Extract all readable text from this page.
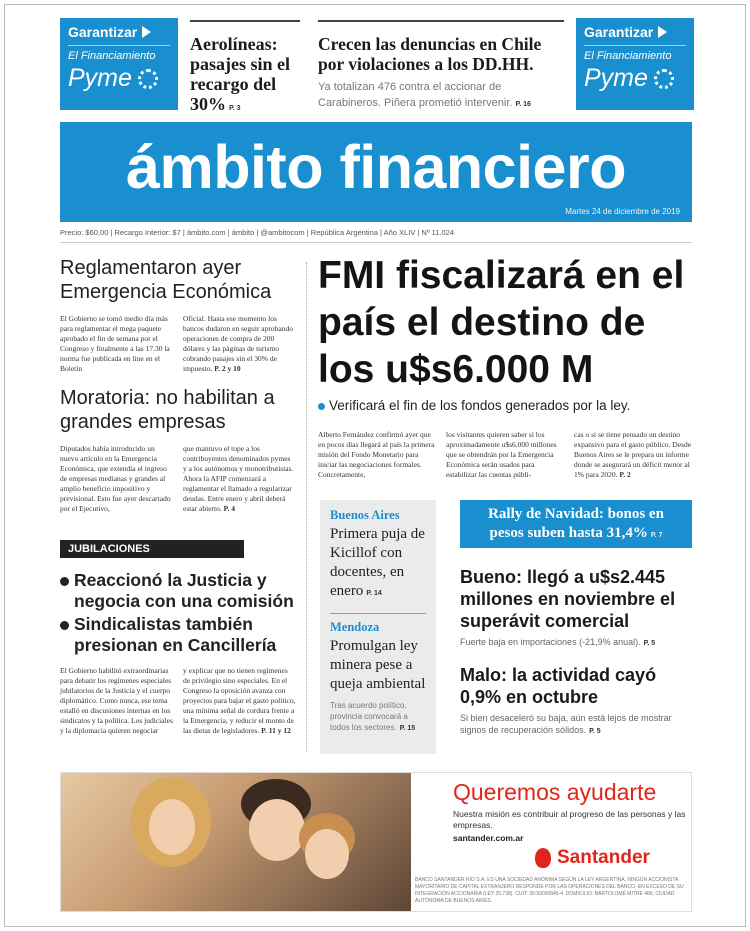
Garantizar
El Financiamiento
Pyme
Aerolíneas: pasajes sin el recargo del 30% P. 3
Crecen las denuncias en Chile por violaciones a los DD.HH.
Ya totalizan 476 contra el accionar de Carabineros. Piñera prometió intervenir. P. 16
Garantizar
El Financiamiento
Pyme
ámbito financiero
Martes 24 de diciembre de 2019
Precio: $60,00 | Recargo Interior: $7 | ámbito.com | ámbito | @ambitocom | República Argentina | Año XLIV | Nº 11.024
Reglamentaron ayer Emergencia Económica

El Gobierno se tomó medio día más para reglamentar el mega paquete aprobado el fin de semana por el Congreso y finalmente a las 17.30 la norma fue publicada en line en el Boletín

Oficial. Hasta ese momento los bancos dudaron en seguir aprobando operaciones de compra de 200 dólares y las páginas de turismo cobrando pasajes sin el 30% de impuesto. P. 2 y 10

Moratoria: no habilitan a grandes empresas

Diputados había introducido un nuevo artículo en la Emergencia Económica, que extendía el ingreso de empresas medianas y grandes al amplio beneficio impositivo y previsional. Esto fue ayer descartado por el Ejecutivo,

que mantuvo el tope a los contribuyentes denominados pymes y a los autónomos y monotributistas. Ahora la AFIP comenzará a reglamentar el llamado a regularizar deudas. Entre enero y abril deberá estar abierto. P. 4

JUBILACIONES
Reaccionó la Justicia y negocia con una comisión
Sindicalistas también presionan en Cancillería

El Gobierno habilitó extraordinarias para debatir los regímenes especiales jubilatorios de la Justicia y el cuerpo diplomático. Como nunca, ese tema estalló en discusiones internas en los sindicatos y la política. Los judiciales y la diplomacia quieren negociar

y explicar que no tienen regímenes de privilegio sino especiales. En el Congreso la oposición avanza con proyectos para bajar el gasto político, una mínima señal de cordura frente a la Emergencia, y reducir el monto de las dietas de legisladores. P. 11 y 12

FMI fiscalizará en el país el destino de los u$s6.000 M
Verificará el fin de los fondos generados por la ley.

Alberto Fernández confirmó ayer que en pocos días llegará al país la primera misión del Fondo Monetario para iniciar las negociaciones formales. Concretamente,

los visitantes quieren saber si los aproximadamente u$s6.000 millones que se obtendrán por la Emergencia Económica serán usados para estabilizar las cuentas públi-

cas o si se tiene pensado un destino expansivo para el gasto público. Desde Buenos Aires se le prepara un informe donde se asegurará un déficit menor al 1% para 2020. P. 2

Buenos Aires
Primera puja de Kicillof con docentes, en enero P. 14
Mendoza
Promulgan ley minera pese a queja ambiental
Tras acuerdo político, provincia convocará a todos los sectores. P. 15
Rally de Navidad: bonos en pesos suben hasta 31,4% P. 7
Bueno: llegó a u$s2.445 millones en noviembre el superávit comercial
Fuerte baja en importaciones (-21,9% anual). P. 5
Malo: la actividad cayó 0,9% en octubre
Si bien desaceleró su baja, aún está lejos de mostrar signos de recuperación sólidos. P. 5
Queremos ayudarte
Nuestra misión es contribuir al progreso de las personas y las empresas.
santander.com.ar
Santander
BANCO SANTANDER RÍO S.A. ES UNA SOCIEDAD ANÓNIMA SEGÚN LA LEY ARGENTINA. NINGÚN ACCIONISTA MAYORITARIO DE CAPITAL EXTRANJERO RESPONDE POR LAS OPERACIONES DEL BANCO, EN EXCESO DE SU INTEGRACIÓN ACCIONARIA (LEY 25.738). CUIT: 30-50000845-4. DOMICILIO: BARTOLOMÉ MITRE 480, CIUDAD AUTÓNOMA DE BUENOS AIRES.
